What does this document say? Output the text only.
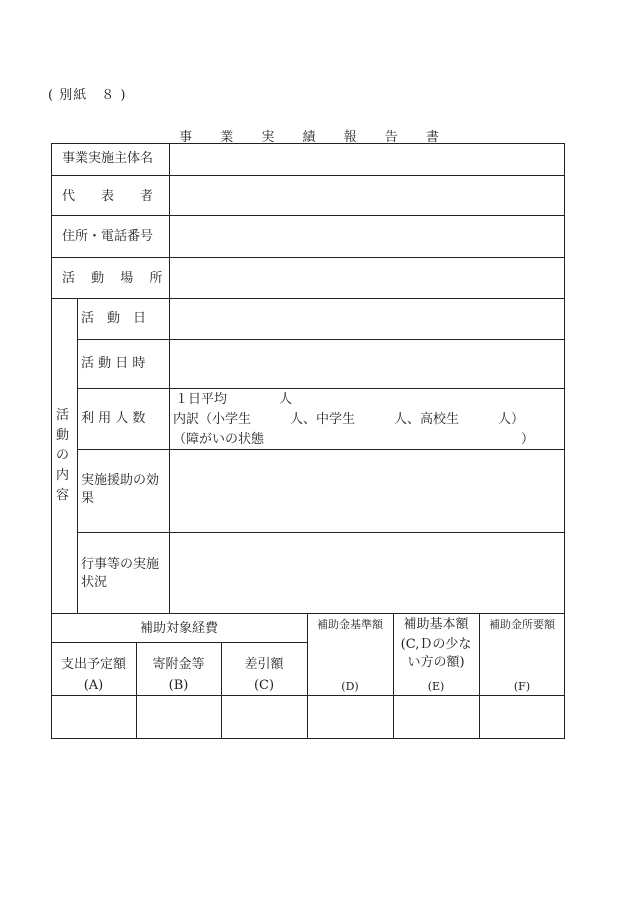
( 別紙　８ )
事 業 実 績 報 告 書
事業実施主体名
代　　表　　者
住所・電話番号
活 動 場 所
活動の内容
活　動　日
活 動 日 時
利 用 人 数
１日平均　　　　人
内訳（小学生　　　人、中学生　　　人、高校生　　　人）
（障がいの状態	）
実施援助の効果
行事等の実施状況
補助対象経費
支出予定額
(A)
寄附金等
(B)
差引額
(C)
補助金基準額
(D)
補助基本額
(C,Ｄの少ない方の額)
(E)
補助金所要額
(F)
